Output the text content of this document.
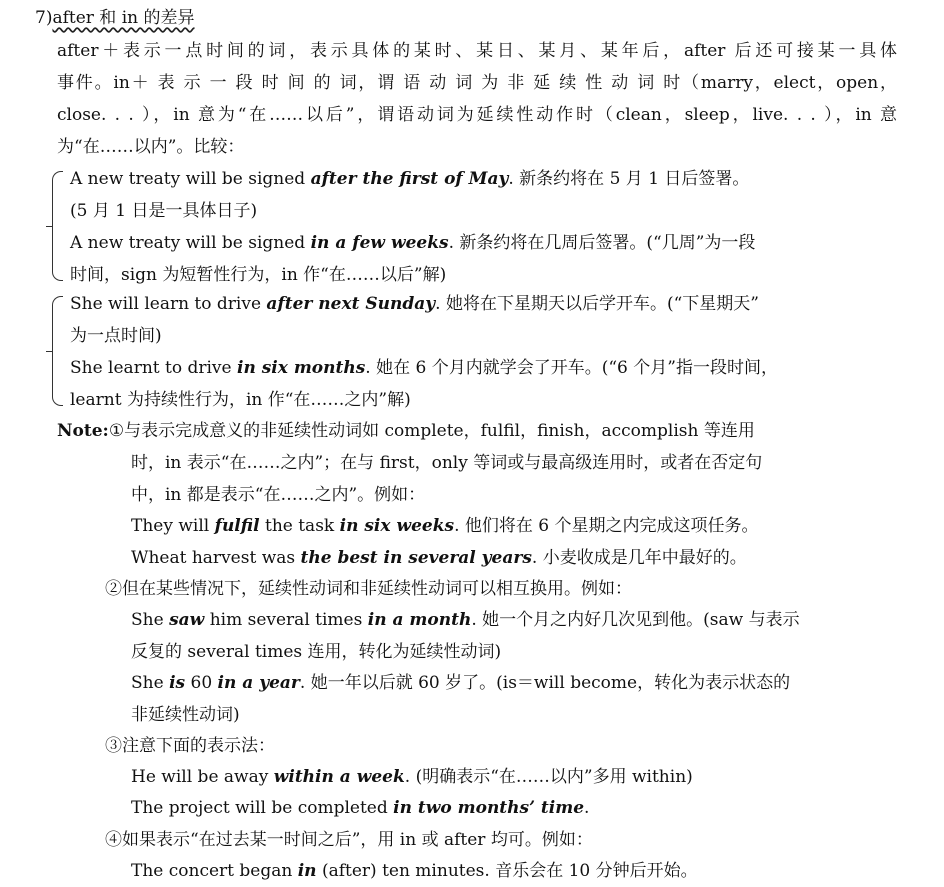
7)after 和 in 的差异
after＋表示一点时间的词，表示具体的某时、某日、某月、某年后，after 后还可接某一具体
事件。in＋ 表 示 一 段 时 间 的 词，谓 语 动 词 为 非 延 续 性 动 词 时（marry，elect，open，
close. . . ），in 意为“在……以后”，谓语动词为延续性动作时（clean，sleep，live. . . ），in 意
为“在……以内”。比较：
A new treaty will be signed after the first of May. 新条约将在 5 月 1 日后签署。
(5 月 1 日是一具体日子)
A new treaty will be signed in a few weeks. 新条约将在几周后签署。(“几周”为一段
时间，sign 为短暂性行为，in 作“在……以后”解)
She will learn to drive after next Sunday. 她将在下星期天以后学开车。(“下星期天”
为一点时间)
She learnt to drive in six months. 她在 6 个月内就学会了开车。(“6 个月”指一段时间，
learnt 为持续性行为，in 作“在……之内”解)
Note:①与表示完成意义的非延续性动词如 complete，fulfil，finish，accomplish 等连用
时，in 表示“在……之内”；在与 first，only 等词或与最高级连用时，或者在否定句
中，in 都是表示“在……之内”。例如：
They will fulfil the task in six weeks. 他们将在 6 个星期之内完成这项任务。
Wheat harvest was the best in several years. 小麦收成是几年中最好的。
②但在某些情况下，延续性动词和非延续性动词可以相互换用。例如：
She saw him several times in a month. 她一个月之内好几次见到他。(saw 与表示
反复的 several times 连用，转化为延续性动词)
She is 60 in a year. 她一年以后就 60 岁了。(is＝will become，转化为表示状态的
非延续性动词)
③注意下面的表示法：
He will be away within a week. (明确表示“在……以内”多用 within)
The project will be completed in two months’ time.
④如果表示“在过去某一时间之后”，用 in 或 after 均可。例如：
The concert began in (after) ten minutes. 音乐会在 10 分钟后开始。
